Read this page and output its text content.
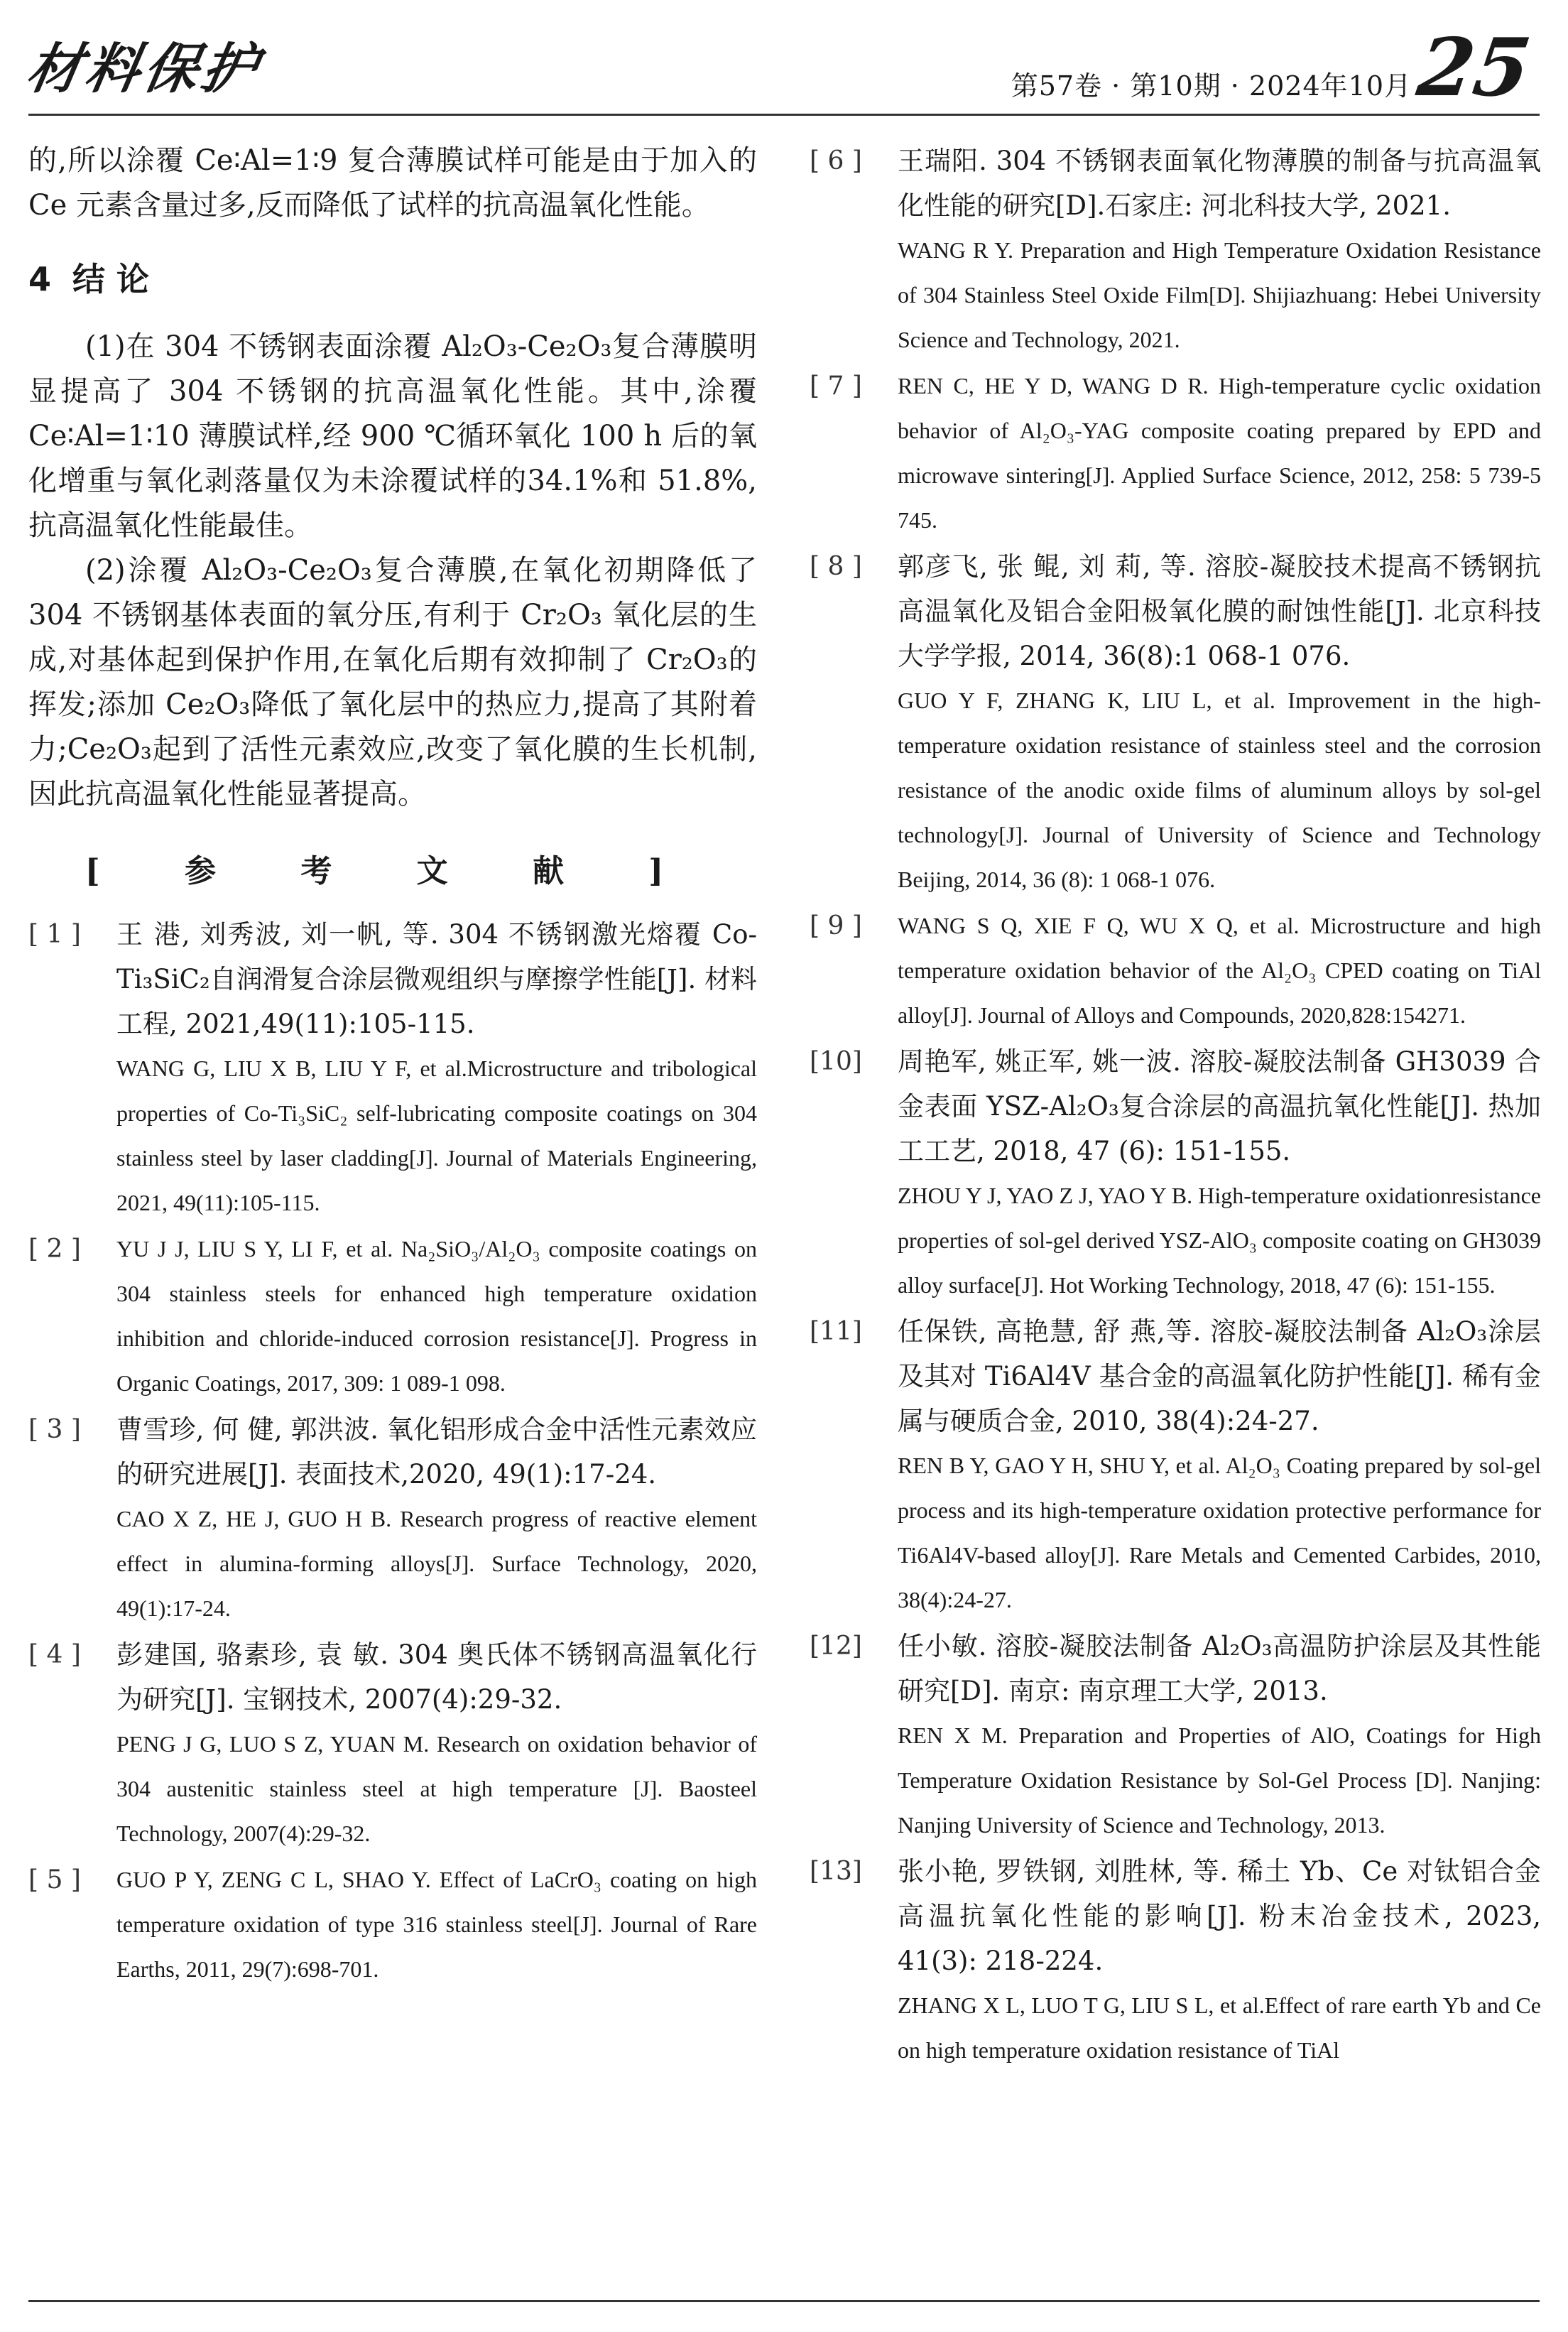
材料保护	第57卷 · 第10期 · 2024年10月 25

的,所以涂覆 Ce∶Al=1∶9 复合薄膜试样可能是由于加入的 Ce 元素含量过多,反而降低了试样的抗高温氧化性能。

4 结 论

(1)在 304 不锈钢表面涂覆 Al₂O₃-Ce₂O₃复合薄膜明显提高了 304 不锈钢的抗高温氧化性能。其中,涂覆 Ce∶Al=1∶10 薄膜试样,经 900 ℃循环氧化 100 h 后的氧化增重与氧化剥落量仅为未涂覆试样的34.1%和 51.8%,抗高温氧化性能最佳。

(2)涂覆 Al₂O₃-Ce₂O₃复合薄膜,在氧化初期降低了 304 不锈钢基体表面的氧分压,有利于 Cr₂O₃ 氧化层的生成,对基体起到保护作用,在氧化后期有效抑制了 Cr₂O₃的挥发;添加 Ce₂O₃降低了氧化层中的热应力,提高了其附着力;Ce₂O₃起到了活性元素效应,改变了氧化膜的生长机制,因此抗高温氧化性能显著提高。

[ 参 考 文 献 ]
[ 1 ] 王 港, 刘秀波, 刘一帆, 等. 304 不锈钢激光熔覆 Co-Ti₃SiC₂自润滑复合涂层微观组织与摩擦学性能[J]. 材料工程, 2021,49(11):105-115.

WANG G, LIU X B, LIU Y F, et al.Microstructure and tribological properties of Co-Ti₃SiC₂ self-lubricating composite coatings on 304 stainless steel by laser cladding[J]. Journal of Materials Engineering, 2021, 49(11):105-115.

[ 2 ] YU J J, LIU S Y, LI F, et al. Na₂SiO₃/Al₂O₃ composite coatings on 304 stainless steels for enhanced high temperature oxidation inhibition and chloride-induced corrosion resistance[J]. Progress in Organic Coatings, 2017, 309: 1 089-1 098.

[ 3 ] 曹雪珍, 何 健, 郭洪波. 氧化铝形成合金中活性元素效应的研究进展[J]. 表面技术,2020, 49(1):17-24.

CAO X Z, HE J, GUO H B. Research progress of reactive element effect in alumina-forming alloys[J]. Surface Technology, 2020, 49(1):17-24.

[ 4 ] 彭建国, 骆素珍, 袁 敏. 304 奥氏体不锈钢高温氧化行为研究[J]. 宝钢技术, 2007(4):29-32.

PENG J G, LUO S Z, YUAN M. Research on oxidation behavior of 304 austenitic stainless steel at high temperature [J]. Baosteel Technology, 2007(4):29-32.

[ 5 ] GUO P Y, ZENG C L, SHAO Y. Effect of LaCrO₃ coating on high temperature oxidation of type 316 stainless steel[J]. Journal of Rare Earths, 2011, 29(7):698-701.

[ 6 ] 王瑞阳. 304 不锈钢表面氧化物薄膜的制备与抗高温氧化性能的研究[D].石家庄: 河北科技大学, 2021.

WANG R Y. Preparation and High Temperature Oxidation Resistance of 304 Stainless Steel Oxide Film[D]. Shijiazhuang: Hebei University Science and Technology, 2021.

[ 7 ] REN C, HE Y D, WANG D R. High-temperature cyclic oxidation behavior of Al₂O₃-YAG composite coating prepared by EPD and microwave sintering[J]. Applied Surface Science, 2012, 258: 5 739-5 745.

[ 8 ] 郭彦飞, 张 鲲, 刘 莉, 等. 溶胶-凝胶技术提高不锈钢抗高温氧化及铝合金阳极氧化膜的耐蚀性能[J]. 北京科技大学学报, 2014, 36(8):1 068-1 076.

GUO Y F, ZHANG K, LIU L, et al. Improvement in the high-temperature oxidation resistance of stainless steel and the corrosion resistance of the anodic oxide films of aluminum alloys by sol-gel technology[J]. Journal of University of Science and Technology Beijing, 2014, 36 (8): 1 068-1 076.

[ 9 ] WANG S Q, XIE F Q, WU X Q, et al. Microstructure and high temperature oxidation behavior of the Al₂O₃ CPED coating on TiAl alloy[J]. Journal of Alloys and Compounds, 2020,828:154271.

[10] 周艳军, 姚正军, 姚一波. 溶胶-凝胶法制备 GH3039 合金表面 YSZ-Al₂O₃复合涂层的高温抗氧化性能[J]. 热加工工艺, 2018, 47 (6): 151-155.

ZHOU Y J, YAO Z J, YAO Y B. High-temperature oxidationresistance properties of sol-gel derived YSZ-AlO₃ composite coating on GH3039 alloy surface[J]. Hot Working Technology, 2018, 47 (6): 151-155.

[11] 任保铁, 高艳慧, 舒 燕,等. 溶胶-凝胶法制备 Al₂O₃涂层及其对 Ti6Al4V 基合金的高温氧化防护性能[J]. 稀有金属与硬质合金, 2010, 38(4):24-27.

REN B Y, GAO Y H, SHU Y, et al. Al₂O₃ Coating prepared by sol-gel process and its high-temperature oxidation protective performance for Ti6Al4V-based alloy[J]. Rare Metals and Cemented Carbides, 2010, 38(4):24-27.

[12] 任小敏. 溶胶-凝胶法制备 Al₂O₃高温防护涂层及其性能研究[D]. 南京: 南京理工大学, 2013.

REN X M. Preparation and Properties of AlO, Coatings for High Temperature Oxidation Resistance by Sol-Gel Process [D]. Nanjing: Nanjing University of Science and Technology, 2013.

[13] 张小艳, 罗铁钢, 刘胜林, 等. 稀土 Yb、Ce 对钛铝合金高温抗氧化性能的影响[J]. 粉末冶金技术, 2023, 41(3): 218-224.

ZHANG X L, LUO T G, LIU S L, et al.Effect of rare earth Yb and Ce on high temperature oxidation resistance of TiAl
